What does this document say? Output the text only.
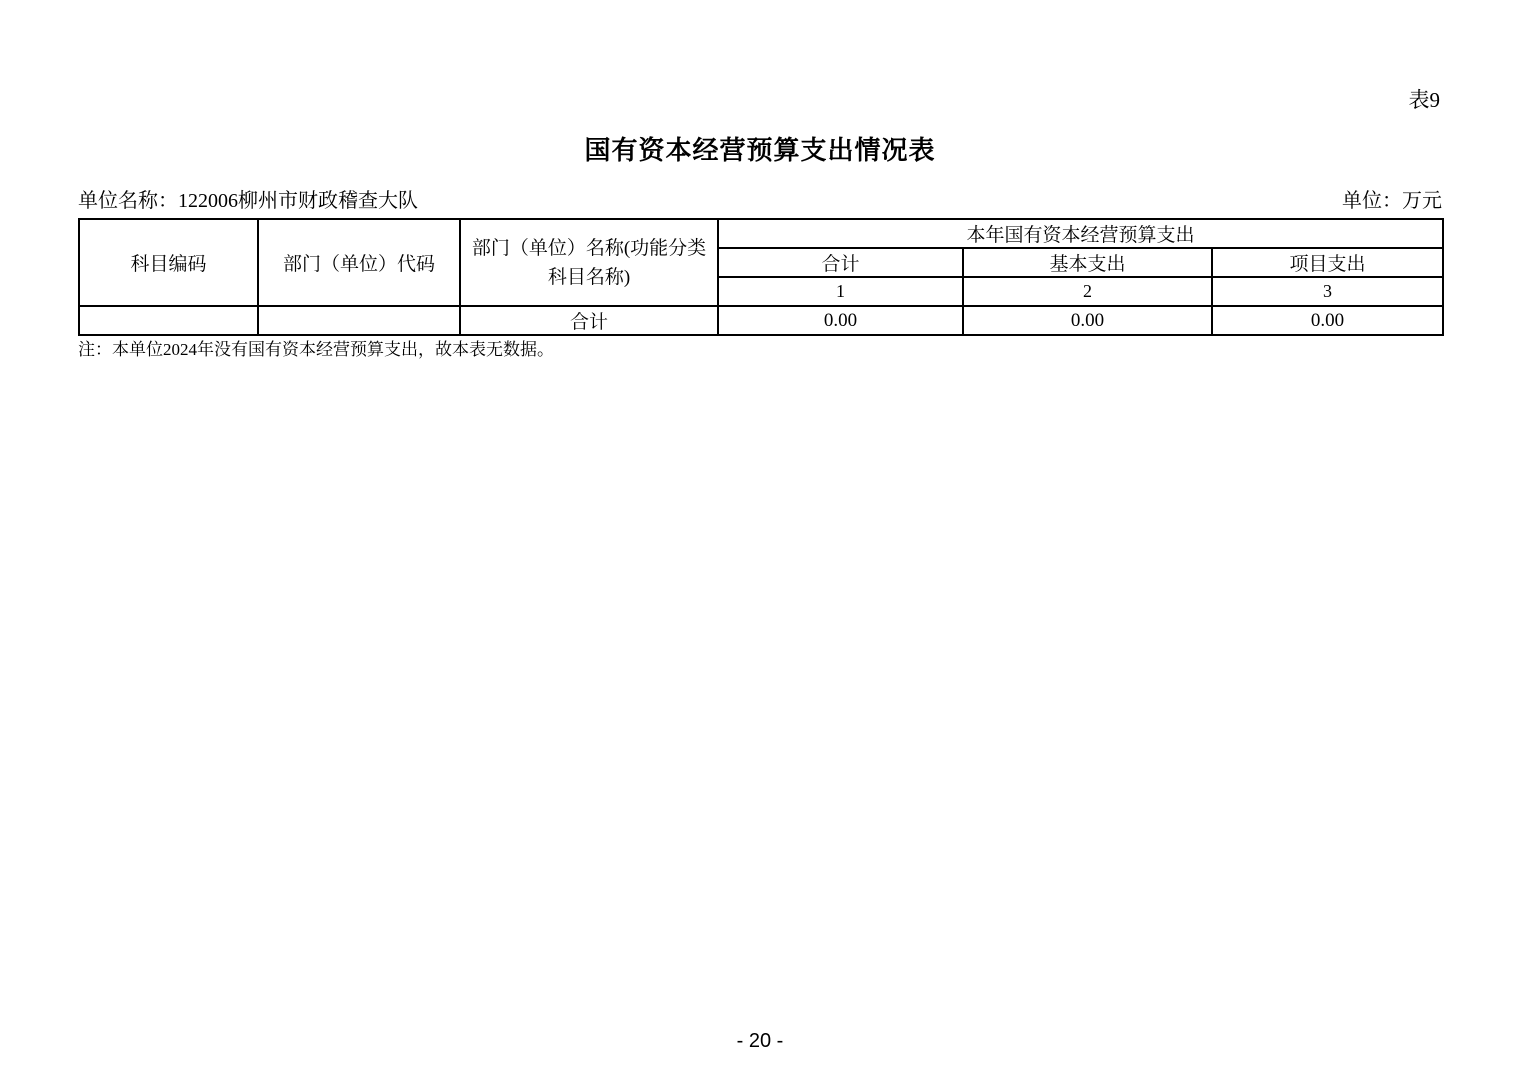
表9
国有资本经营预算支出情况表
单位名称：122006柳州市财政稽查大队	单位：万元
科目编码	部门（单位）代码	部门（单位）名称(功能分类科目名称)	本年国有资本经营预算支出		
			合计	基本支出	项目支出
			1	2	3
		合计	0.00	0.00	0.00
注：本单位2024年没有国有资本经营预算支出，故本表无数据。
- 20 -
